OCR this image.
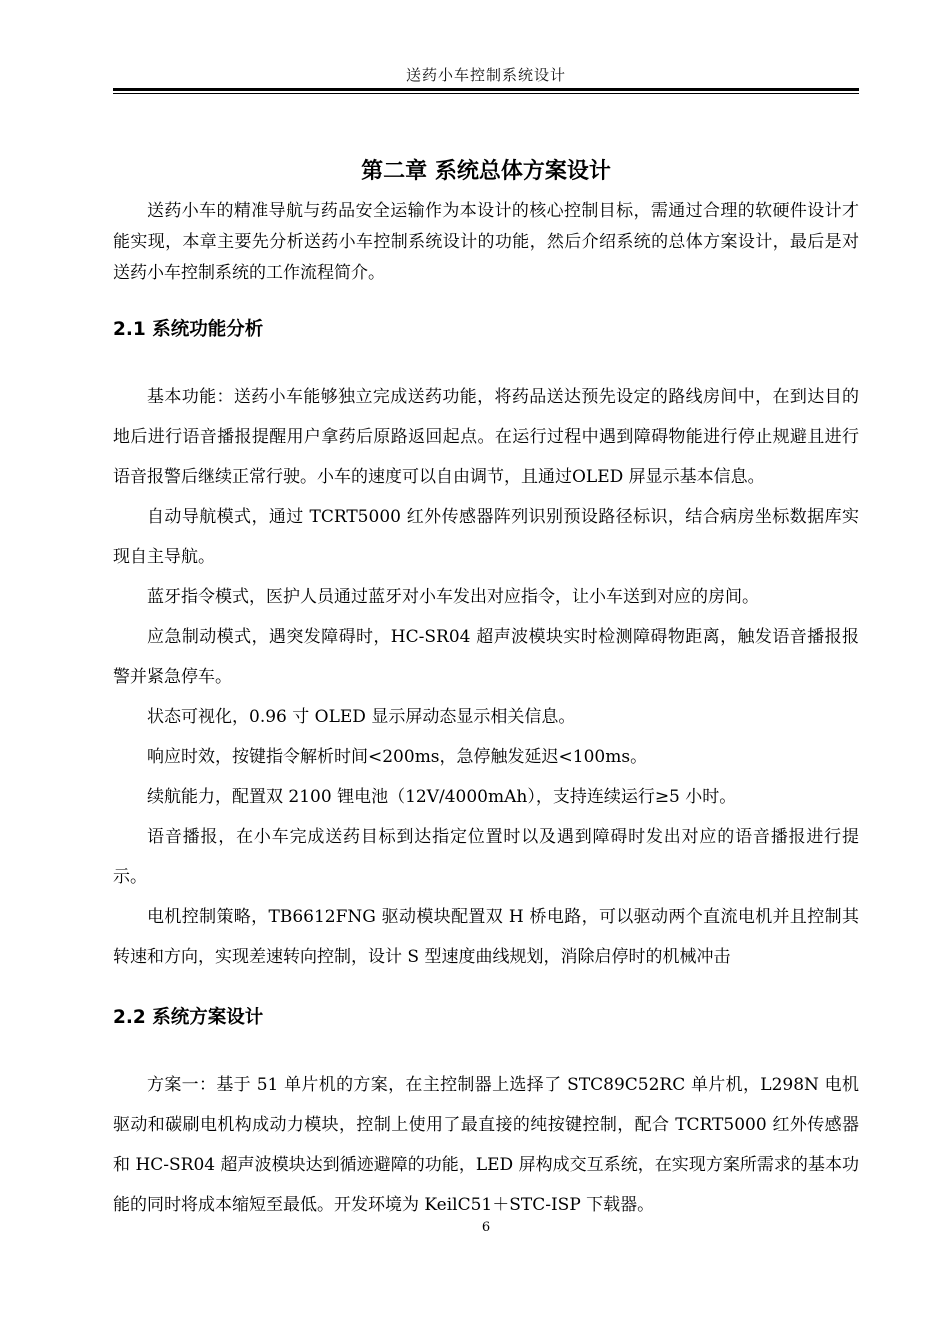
送药小车控制系统设计
第二章 系统总体方案设计

送药小车的精准导航与药品安全运输作为本设计的核心控制目标，需通过合理的软硬件设计才能实现，本章主要先分析送药小车控制系统设计的功能，然后介绍系统的总体方案设计，最后是对送药小车控制系统的工作流程简介。

2.1 系统功能分析

基本功能：送药小车能够独立完成送药功能，将药品送达预先设定的路线房间中，在到达目的地后进行语音播报提醒用户拿药后原路返回起点。在运行过程中遇到障碍物能进行停止规避且进行语音报警后继续正常行驶。小车的速度可以自由调节，且通过OLED 屏显示基本信息。

自动导航模式，通过 TCRT5000 红外传感器阵列识别预设路径标识，结合病房坐标数据库实现自主导航。

蓝牙指令模式，医护人员通过蓝牙对小车发出对应指令，让小车送到对应的房间。

应急制动模式，遇突发障碍时，HC-SR04 超声波模块实时检测障碍物距离，触发语音播报报警并紧急停车。

状态可视化，0.96 寸 OLED 显示屏动态显示相关信息。

响应时效，按键指令解析时间<200ms，急停触发延迟<100ms。

续航能力，配置双 2100 锂电池（12V/4000mAh），支持连续运行≥5 小时。

语音播报，在小车完成送药目标到达指定位置时以及遇到障碍时发出对应的语音播报进行提示。

电机控制策略，TB6612FNG 驱动模块配置双 H 桥电路，可以驱动两个直流电机并且控制其转速和方向，实现差速转向控制，设计 S 型速度曲线规划，消除启停时的机械冲击

2.2 系统方案设计

方案一：基于 51 单片机的方案，在主控制器上选择了 STC89C52RC 单片机，L298N 电机驱动和碳刷电机构成动力模块，控制上使用了最直接的纯按键控制，配合 TCRT5000 红外传感器和 HC-SR04 超声波模块达到循迹避障的功能，LED 屏构成交互系统，在实现方案所需求的基本功能的同时将成本缩短至最低。开发环境为 KeilC51＋STC-ISP 下载器。

6
